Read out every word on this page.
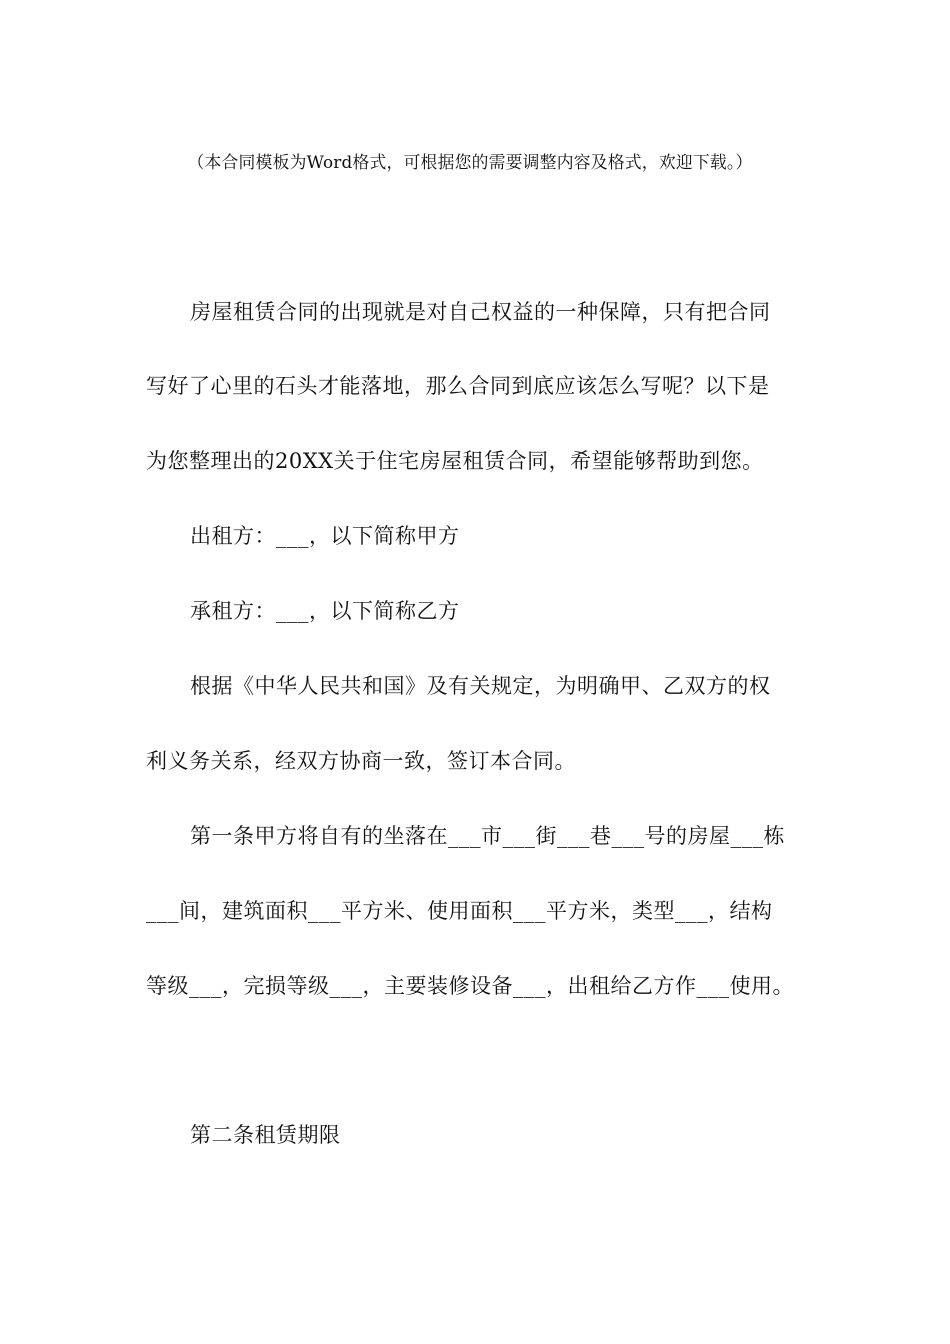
（本合同模板为Word格式，可根据您的需要调整内容及格式，欢迎下载。）
房屋租赁合同的出现就是对自己权益的一种保障，只有把合同
写好了心里的石头才能落地，那么合同到底应该怎么写呢？以下是
为您整理出的20XX关于住宅房屋租赁合同，希望能够帮助到您。
出租方：___，以下简称甲方
承租方：___，以下简称乙方
根据《中华人民共和国》及有关规定，为明确甲、乙双方的权
利义务关系，经双方协商一致，签订本合同。
第一条甲方将自有的坐落在___市___街___巷___号的房屋___栋
___间，建筑面积___平方米、使用面积___平方米，类型___，结构
等级___，完损等级___，主要装修设备___，出租给乙方作___使用。
第二条租赁期限
